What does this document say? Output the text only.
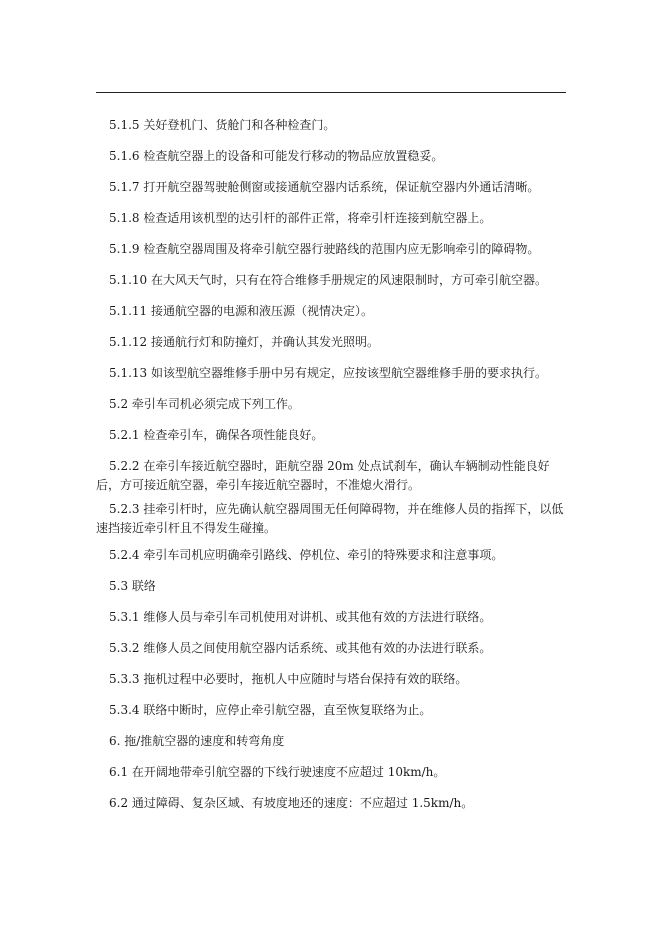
5.1.5 关好登机门、货舱门和各种检查门。

5.1.6 检查航空器上的设备和可能发行移动的物品应放置稳妥。

5.1.7 打开航空器驾驶舱侧窗或接通航空器内话系统，保证航空器内外通话清晰。

5.1.8 检查适用该机型的达引杆的部件正常，将牵引杆连接到航空器上。

5.1.9 检查航空器周围及将牵引航空器行驶路线的范围内应无影响牵引的障碍物。

5.1.10 在大风天气时，只有在符合维修手册规定的风速限制时，方可牵引航空器。

5.1.11 接通航空器的电源和液压源（视情决定）。

5.1.12 接通航行灯和防撞灯，并确认其发光照明。

5.1.13 如该型航空器维修手册中另有规定，应按该型航空器维修手册的要求执行。

5.2 牵引车司机必须完成下列工作。

5.2.1 检查牵引车，确保各项性能良好。

5.2.2 在牵引车接近航空器时，距航空器 20m 处点试刹车，确认车辆制动性能良好后，方可接近航空器，牵引车接近航空器时，不准熄火滑行。

5.2.3 挂牵引杆时，应先确认航空器周围无任何障碍物，并在维修人员的指挥下，以低速挡接近牵引杆且不得发生碰撞。

5.2.4 牵引车司机应明确牵引路线、停机位、牵引的特殊要求和注意事项。

5.3 联络

5.3.1 维修人员与牵引车司机使用对讲机、或其他有效的方法进行联络。

5.3.2 维修人员之间使用航空器内话系统、或其他有效的办法进行联系。

5.3.3 拖机过程中必要时，拖机人中应随时与塔台保持有效的联络。

5.3.4 联络中断时，应停止牵引航空器，直至恢复联络为止。

6. 拖/推航空器的速度和转弯角度

6.1 在开阔地带牵引航空器的下线行驶速度不应超过 10km/h。

6.2 通过障碍、复杂区域、有坡度地还的速度：不应超过 1.5km/h。
